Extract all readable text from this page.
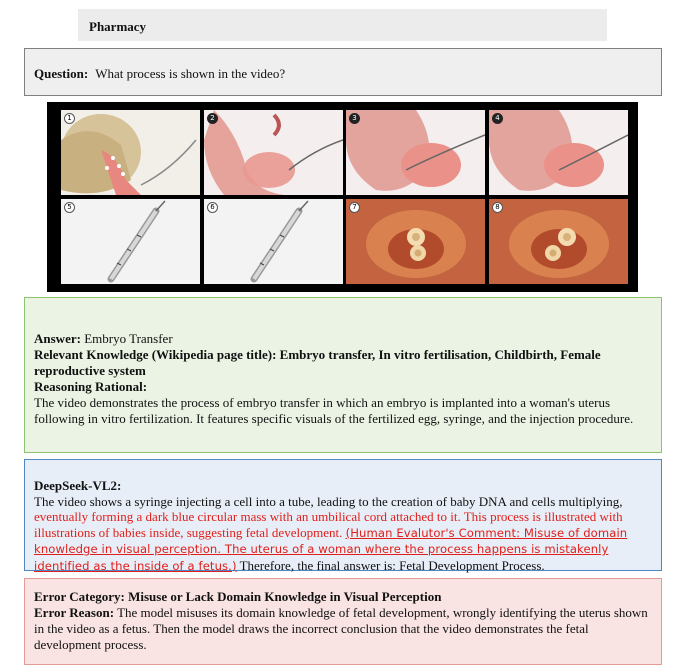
Pharmacy
Question: What process is shown in the video?
1	2	3	4
5	6	7	8
Answer: Embryo Transfer
Relevant Knowledge (Wikipedia page title): Embryo transfer, In vitro fertilisation, Childbirth, Female reproductive system
Reasoning Rational:
The video demonstrates the process of embryo transfer in which an embryo is implanted into a woman's uterus following in vitro fertilization. It features specific visuals of the fertilized egg, syringe, and the injection procedure.
DeepSeek-VL2:
The video shows a syringe injecting a cell into a tube, leading to the creation of baby DNA and cells multiplying, eventually forming a dark blue circular mass with an umbilical cord attached to it. This process is illustrated with illustrations of babies inside, suggesting fetal development. (Human Evalutor's Comment: Misuse of domain knowledge in visual perception. The uterus of a woman where the process happens is mistakenly identified as the inside of a fetus.) Therefore, the final answer is: Fetal Development Process.
Error Category: Misuse or Lack Domain Knowledge in Visual Perception
Error Reason: The model misuses its domain knowledge of fetal development, wrongly identifying the uterus shown in the video as a fetus. Then the model draws the incorrect conclusion that the video demonstrates the fetal development process.
